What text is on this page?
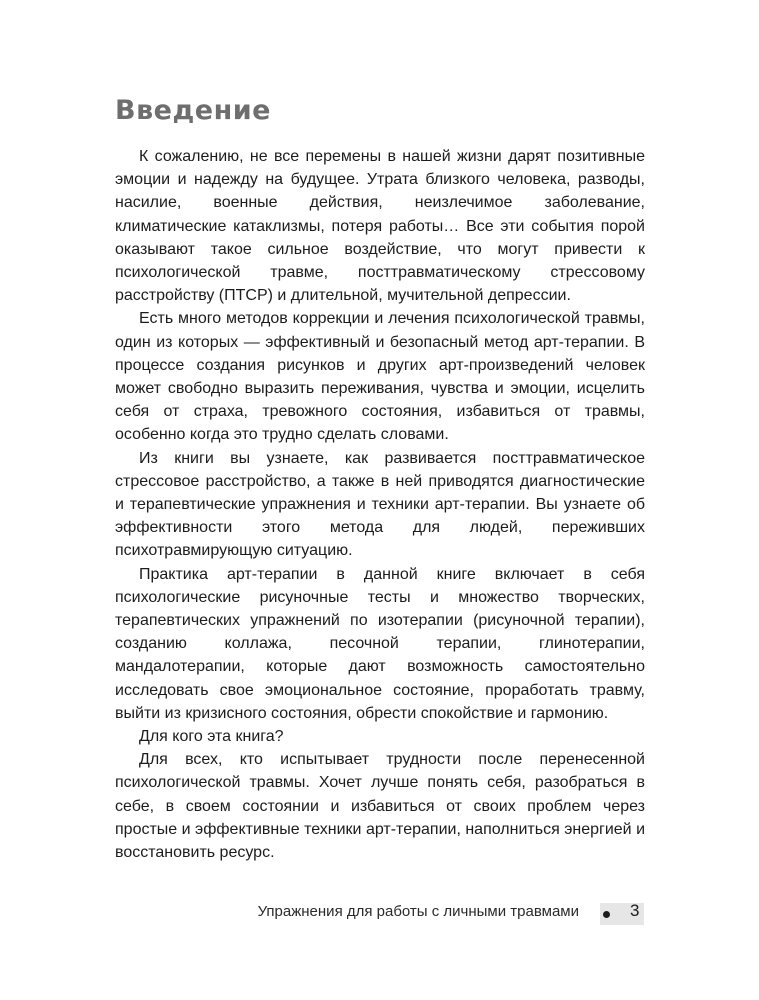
Введение

К сожалению, не все перемены в нашей жизни дарят позитивные эмоции и надежду на будущее. Утрата близкого человека, разводы, насилие, военные действия, неизлечимое заболевание, климатические катаклизмы, потеря работы… Все эти события порой оказывают такое сильное воздействие, что могут привести к психологической травме, посттравматическому стрессовому расстройству (ПТСР) и длительной, мучительной депрессии.

Есть много методов коррекции и лечения психологической травмы, один из которых — эффективный и безопасный метод арт-терапии. В процессе создания рисунков и других арт-произведений человек может свободно выразить переживания, чувства и эмоции, исцелить себя от страха, тревожного состояния, избавиться от травмы, особенно когда это трудно сделать словами.

Из книги вы узнаете, как развивается посттравматическое стрессовое расстройство, а также в ней приводятся диагностические и терапевтические упражнения и техники арт-терапии. Вы узнаете об эффективности этого метода для людей, переживших психотравмирующую ситуацию.

Практика арт-терапии в данной книге включает в себя психологические рисуночные тесты и множество творческих, терапевтических упражнений по изотерапии (рисуночной терапии), созданию коллажа, песочной терапии, глинотерапии, мандалотерапии, которые дают возможность самостоятельно исследовать свое эмоциональное состояние, проработать травму, выйти из кризисного состояния, обрести спокойствие и гармонию.

Для кого эта книга?

Для всех, кто испытывает трудности после перенесенной психологической травмы. Хочет лучше понять себя, разобраться в себе, в своем состоянии и избавиться от своих проблем через простые и эффективные техники арт-терапии, наполниться энергией и восстановить ресурс.

Упражнения для работы с личными травмами	3
